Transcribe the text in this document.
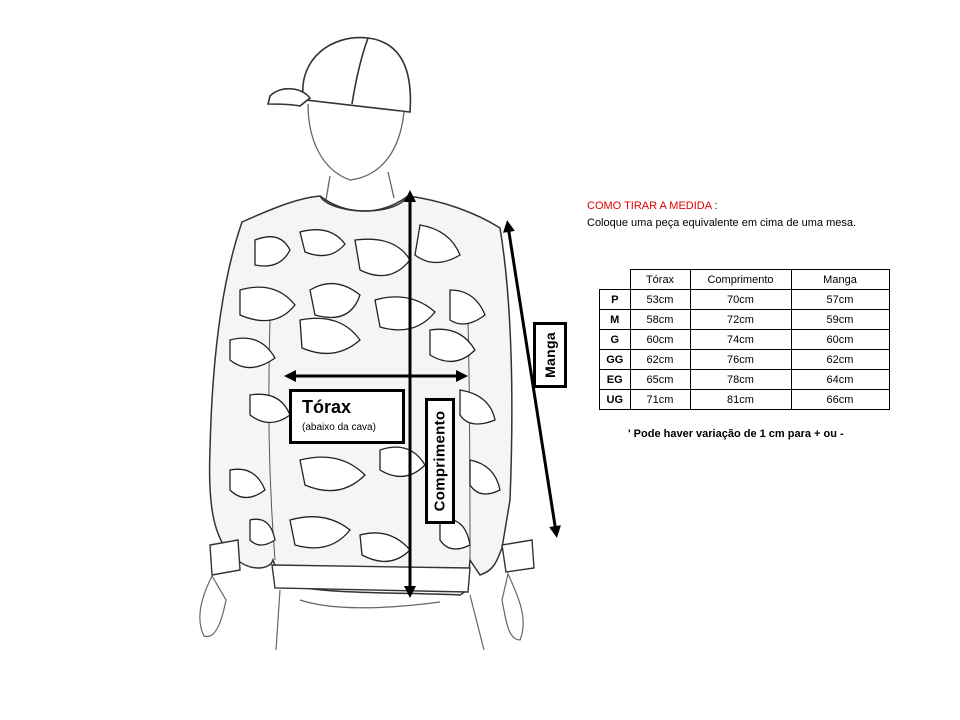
Tórax
(abaixo da cava)	Comprimento
Manga
COMO TIRAR A MEDIDA :
Coloque uma peça equivalente em cima de uma mesa.
	Tórax	Comprimento	Manga
P	53cm	70cm	57cm
M	58cm	72cm	59cm
G	60cm	74cm	60cm
GG	62cm	76cm	62cm
EG	65cm	78cm	64cm
UG	71cm	81cm	66cm
' Pode haver variação de 1 cm para + ou -
